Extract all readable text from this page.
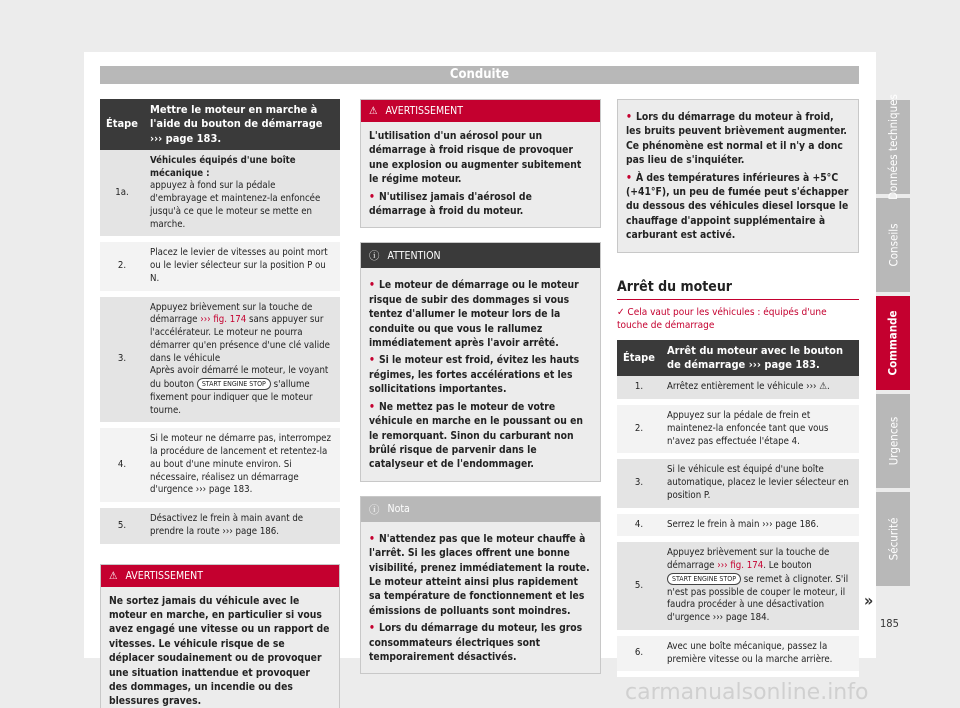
Conduite
Étape	Mettre le moteur en marche à l'aide du bouton de démarrage ››› page 183.
1a.	Véhicules équipés d'une boîte mécanique :
appuyez à fond sur la pédale d'embrayage et maintenez-la enfoncée jusqu'à ce que le moteur se mette en marche.
2.	Placez le levier de vitesses au point mort ou le levier sélecteur sur la position P ou N.
3.	Appuyez brièvement sur la touche de démarrage ››› fig. 174 sans appuyer sur l'accélérateur. Le moteur ne pourra démarrer qu'en présence d'une clé valide dans le véhicule
Après avoir démarré le moteur, le voyant du bouton START ENGINE STOP s'allume fixement pour indiquer que le moteur tourne.
4.	Si le moteur ne démarre pas, interrompez la procédure de lancement et retentez-la au bout d'une minute environ. Si nécessaire, réalisez un démarrage d'urgence ››› page 183.
5.	Désactivez le frein à main avant de prendre la route ››› page 186.
⚠ AVERTISSEMENT
Ne sortez jamais du véhicule avec le moteur en marche, en particulier si vous avez engagé une vitesse ou un rapport de vitesses. Le véhicule risque de se déplacer soudainement ou de provoquer une situation inattendue et provoquer des dommages, un incendie ou des blessures graves.
⚠ AVERTISSEMENT

L'utilisation d'un aérosol pour un démarrage à froid risque de provoquer une explosion ou augmenter subitement le régime moteur.

• N'utilisez jamais d'aérosol de démarrage à froid du moteur.
ⓘ ATTENTION
• Le moteur de démarrage ou le moteur risque de subir des dommages si vous tentez d'allumer le moteur lors de la conduite ou que vous le rallumez immédiatement après l'avoir arrêté.
• Si le moteur est froid, évitez les hauts régimes, les fortes accélérations et les sollicitations importantes.
• Ne mettez pas le moteur de votre véhicule en marche en le poussant ou en le remorquant. Sinon du carburant non brûlé risque de parvenir dans le catalyseur et de l'endommager.
ⓘ Nota
• N'attendez pas que le moteur chauffe à l'arrêt. Si les glaces offrent une bonne visibilité, prenez immédiatement la route. Le moteur atteint ainsi plus rapidement sa température de fonctionnement et les émissions de polluants sont moindres.
• Lors du démarrage du moteur, les gros consommateurs électriques sont temporairement désactivés.
• Lors du démarrage du moteur à froid, les bruits peuvent brièvement augmenter. Ce phénomène est normal et il n'y a donc pas lieu de s'inquiéter.
• À des températures inférieures à +5°C (+41°F), un peu de fumée peut s'échapper du dessous des véhicules diesel lorsque le chauffage d'appoint supplémentaire à carburant est activé.
Arrêt du moteur
✓ Cela vaut pour les véhicules : équipés d'une touche de démarrage
Étape	Arrêt du moteur avec le bouton de démarrage ››› page 183.
1.	Arrêtez entièrement le véhicule ››› ⚠.
2.	Appuyez sur la pédale de frein et maintenez-la enfoncée tant que vous n'avez pas effectuée l'étape 4.
3.	Si le véhicule est équipé d'une boîte automatique, placez le levier sélecteur en position P.
4.	Serrez le frein à main ››› page 186.
5.	Appuyez brièvement sur la touche de démarrage ››› fig. 174. Le bouton START ENGINE STOP se remet à clignoter. S'il n'est pas possible de couper le moteur, il faudra procéder à une désactivation d'urgence ››› page 184.
6.	Avec une boîte mécanique, passez la première vitesse ou la marche arrière.
Données techniques
Conseils
Commande
Urgences
Sécurité
»
185
carmanualsonline.info
